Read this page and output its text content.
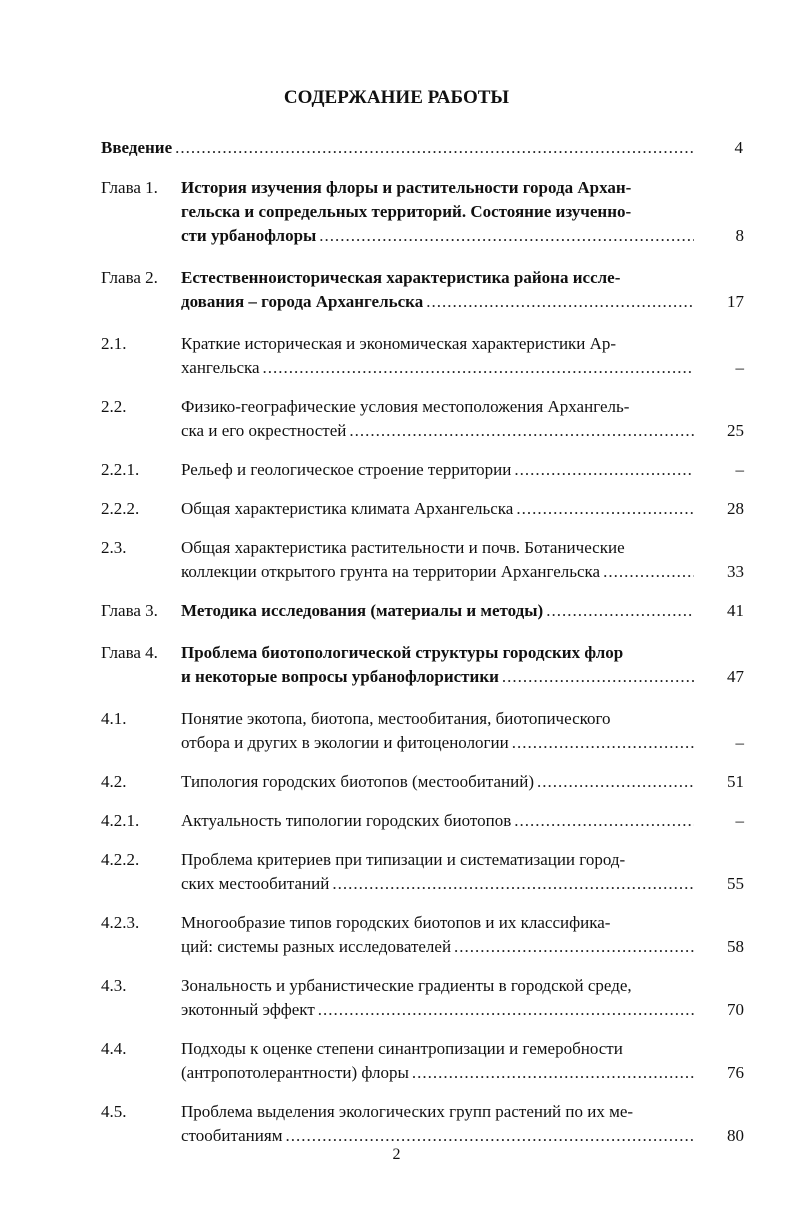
СОДЕРЖАНИЕ РАБОТЫ
Введение .....	4
Глава 1.	История изучения флоры и растительности города Архан-
гельска и сопредельных территорий. Состояние изученно-
сти урбанофлоры .....	8
Глава 2.	Естественноисторическая характеристика района иссле-
дования – города Архангельска .....	17
2.1.	Краткие историческая и экономическая характеристики Ар-
хангельска .....	–
2.2.	Физико-географические условия местоположения Архангель-
ска и его окрестностей .....	25
2.2.1.	Рельеф и геологическое строение территории .....	–
2.2.2.	Общая характеристика климата Архангельска .....	28
2.3.	Общая характеристика растительности и почв. Ботанические
коллекции открытого грунта на территории Архангельска .....	33
Глава 3.	Методика исследования (материалы и методы) .....	41
Глава 4.	Проблема биотопологической структуры городских флор
и некоторые вопросы урбанофлористики .....	47
4.1.	Понятие экотопа, биотопа, местообитания, биотопического
отбора и других в экологии и фитоценологии .....	–
4.2.	Типология городских биотопов (местообитаний) .....	51
4.2.1.	Актуальность типологии городских биотопов .....	–
4.2.2.	Проблема критериев при типизации и систематизации город-
ских местообитаний .....	55
4.2.3.	Многообразие типов городских биотопов и их классифика-
ций: системы разных исследователей .....	58
4.3.	Зональность и урбанистические градиенты в городской среде,
экотонный эффект .....	70
4.4.	Подходы к оценке степени синантропизации и гемеробности
(антропотолерантности) флоры .....	76
4.5.	Проблема выделения экологических групп растений по их ме-
стообитаниям .....	80
2
